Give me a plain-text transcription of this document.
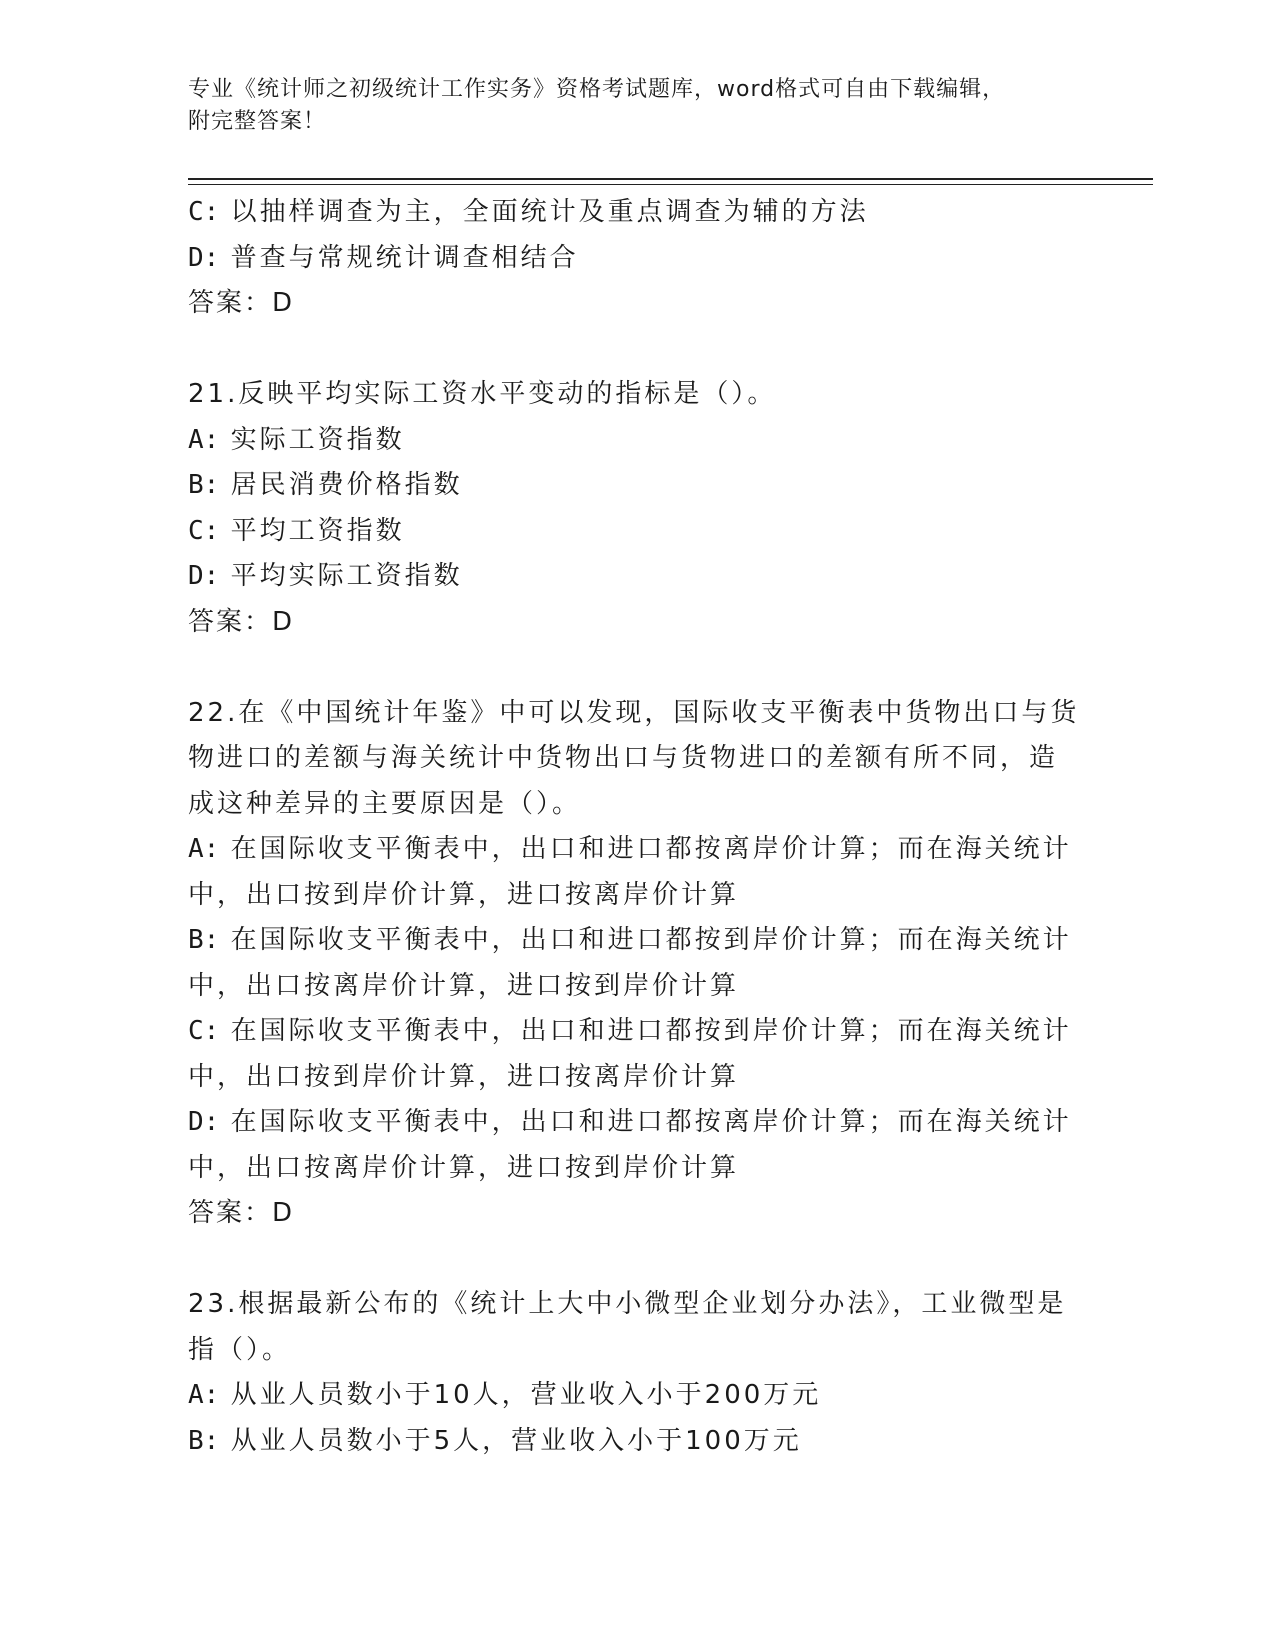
专业《统计师之初级统计工作实务》资格考试题库，word格式可自由下载编辑，
附完整答案！
C: 以抽样调查为主，全面统计及重点调查为辅的方法
D: 普查与常规统计调查相结合
答案：D
21.反映平均实际工资水平变动的指标是（）。
A: 实际工资指数
B: 居民消费价格指数
C: 平均工资指数
D: 平均实际工资指数
答案：D
22.在《中国统计年鉴》中可以发现，国际收支平衡表中货物出口与货
物进口的差额与海关统计中货物出口与货物进口的差额有所不同，造
成这种差异的主要原因是（）。
A: 在国际收支平衡表中，出口和进口都按离岸价计算；而在海关统计
中，出口按到岸价计算，进口按离岸价计算
B: 在国际收支平衡表中，出口和进口都按到岸价计算；而在海关统计
中，出口按离岸价计算，进口按到岸价计算
C: 在国际收支平衡表中，出口和进口都按到岸价计算；而在海关统计
中，出口按到岸价计算，进口按离岸价计算
D: 在国际收支平衡表中，出口和进口都按离岸价计算；而在海关统计
中，出口按离岸价计算，进口按到岸价计算
答案：D
23.根据最新公布的《统计上大中小微型企业划分办法》，工业微型是
指（）。
A: 从业人员数小于10人，营业收入小于200万元
B: 从业人员数小于5人，营业收入小于100万元
